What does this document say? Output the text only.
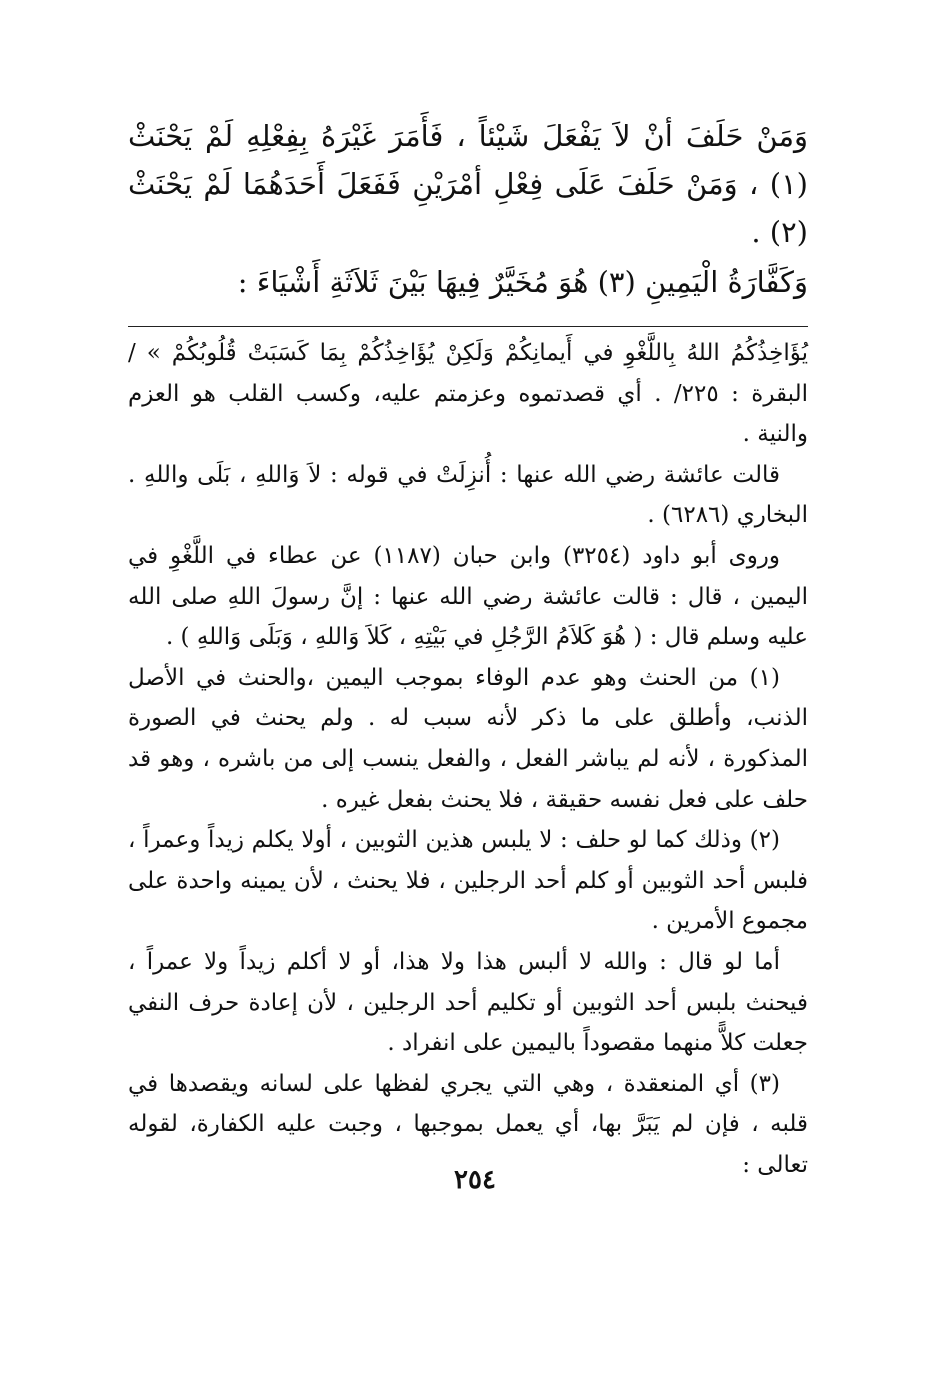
وَمَنْ حَلَفَ أنْ لاَ يَفْعَلَ شَيْئاً ، فَأَمَرَ غَيْرَهُ بِفِعْلِهِ لَمْ يَحْنَثْ (١) ، وَمَنْ حَلَفَ عَلَى فِعْلِ أمْرَيْنِ فَفَعَلَ أَحَدَهُمَا لَمْ يَحْنَثْ (٢) .

وَكَفَّارَةُ الْيَمِينِ (٣) هُوَ مُخَيَّرٌ فِيهَا بَيْنَ ثَلاَثَةِ أَشْيَاءَ :

يُؤَاخِذُكُمُ اللهُ بِاللَّغْوِ في أَيمانِكُمْ وَلَكِنْ يُؤَاخِذُكُمْ بِمَا كَسَبَتْ قُلُوبُكُمْ » / البقرة : ٢٢٥/ . أي قصدتموه وعزمتم عليه، وكسب القلب هو العزم والنية .

قالت عائشة رضي الله عنها : أُنزِلَتْ في قوله : لاَ وَاللهِ ، بَلَى واللهِ . البخاري (٦٢٨٦) .

وروى أبو داود (٣٢٥٤) وابن حبان (١١٨٧) عن عطاء في اللَّغْوِ في اليمين ، قال : قالت عائشة رضي الله عنها : إنَّ رسولَ اللهِ صلى الله عليه وسلم قال : ( هُوَ كَلاَمُ الرَّجُلِ في بَيْتِهِ ، كَلاَ وَاللهِ ، وَبَلَى وَاللهِ ) .

(١) من الحنث وهو عدم الوفاء بموجب اليمين ،والحنث في الأصل الذنب، وأطلق على ما ذكر لأنه سبب له . ولم يحنث في الصورة المذكورة ، لأنه لم يباشر الفعل ، والفعل ينسب إلى من باشره ، وهو قد حلف على فعل نفسه حقيقة ، فلا يحنث بفعل غيره .

(٢) وذلك كما لو حلف : لا يلبس هذين الثوبين ، أولا يكلم زيداً وعمراً ، فلبس أحد الثوبين أو كلم أحد الرجلين ، فلا يحنث ، لأن يمينه واحدة على مجموع الأمرين .

أما لو قال : والله لا ألبس هذا ولا هذا، أو لا أكلم زيداً ولا عمراً ، فيحنث بلبس أحد الثوبين أو تكليم أحد الرجلين ، لأن إعادة حرف النفي جعلت كلاًّ منهما مقصوداً باليمين على انفراد .

(٣) أي المنعقدة ، وهي التي يجري لفظها على لسانه ويقصدها في قلبه ، فإن لم يَبَرَّ بها، أي يعمل بموجبها ، وجبت عليه الكفارة، لقوله تعالى :

٢٥٤
